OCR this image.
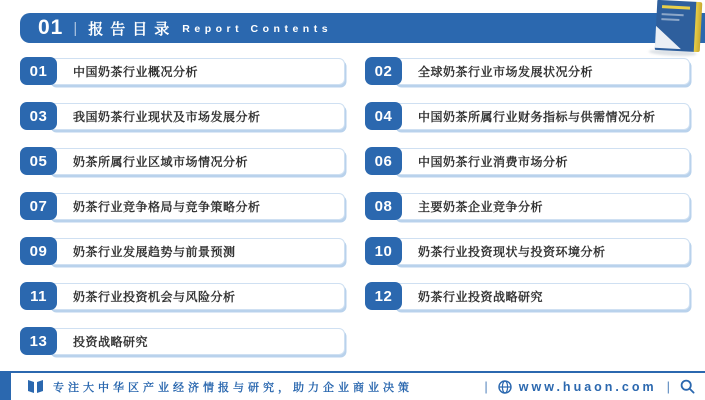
01 | 报告目录 Report Contents
01	中国奶茶行业概况分析	02	全球奶茶行业市场发展状况分析
03	我国奶茶行业现状及市场发展分析	04	中国奶茶所属行业财务指标与供需情况分析
05	奶茶所属行业区域市场情况分析	06	中国奶茶行业消费市场分析
07	奶茶行业竞争格局与竞争策略分析	08	主要奶茶企业竞争分析
09	奶茶行业发展趋势与前景预测	10	奶茶行业投资现状与投资环境分析
11	奶茶行业投资机会与风险分析	12	奶茶行业投资战略研究
13	投资战略研究
专注大中华区产业经济情报与研究，助力企业商业决策	| www.huaon.com |
